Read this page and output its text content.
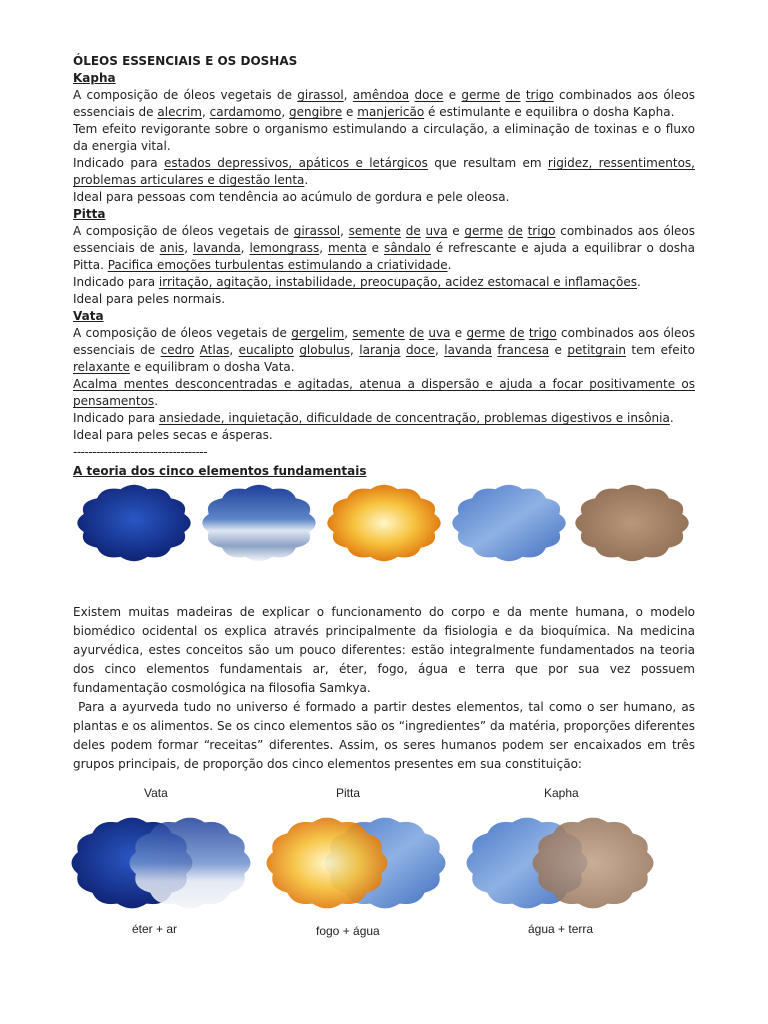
ÓLEOS ESSENCIAIS E OS DOSHAS

Kapha

A composição de óleos vegetais de girassol, amêndoa doce e germe de trigo combinados aos óleos essenciais de alecrim, cardamomo, gengibre e manjericão é estimulante e equilibra o dosha Kapha.

Tem efeito revigorante sobre o organismo estimulando a circulação, a eliminação de toxinas e o fluxo da energia vital.

Indicado para estados depressivos, apáticos e letárgicos que resultam em rigidez, ressentimentos, problemas articulares e digestão lenta.

Ideal para pessoas com tendência ao acúmulo de gordura e pele oleosa.

Pitta

A composição de óleos vegetais de girassol, semente de uva e germe de trigo combinados aos óleos essenciais de anis, lavanda, lemongrass, menta e sândalo é refrescante e ajuda a equilibrar o dosha Pitta. Pacifica emoções turbulentas estimulando a criatividade.

Indicado para irritação, agitação, instabilidade, preocupação, acidez estomacal e inflamações.

Ideal para peles normais.

Vata

A composição de óleos vegetais de gergelim, semente de uva e germe de trigo combinados aos óleos essenciais de cedro Atlas, eucalipto globulus, laranja doce, lavanda francesa e petitgrain tem efeito relaxante e equilibram o dosha Vata.

Acalma mentes desconcentradas e agitadas, atenua a dispersão e ajuda a focar positivamente os pensamentos.

Indicado para ansiedade, inquietação, dificuldade de concentração, problemas digestivos e insônia.

Ideal para peles secas e ásperas.

-----------------------------------

A teoria dos cinco elementos fundamentais

Existem muitas madeiras de explicar o funcionamento do corpo e da mente humana, o modelo biomédico ocidental os explica através principalmente da fisiologia e da bioquímica. Na medicina ayurvédica, estes conceitos são um pouco diferentes: estão integralmente fundamentados na teoria dos cinco elementos fundamentais ar, éter, fogo, água e terra que por sua vez possuem fundamentação cosmológica na filosofia Samkya.

Para a ayurveda tudo no universo é formado a partir destes elementos, tal como o ser humano, as plantas e os alimentos. Se os cinco elementos são os “ingredientes” da matéria, proporções diferentes deles podem formar “receitas” diferentes. Assim, os seres humanos podem ser encaixados em três grupos principais, de proporção dos cinco elementos presentes em sua constituição:

Vata	Pitta	Kapha
éter + ar	fogo + água	água + terra
